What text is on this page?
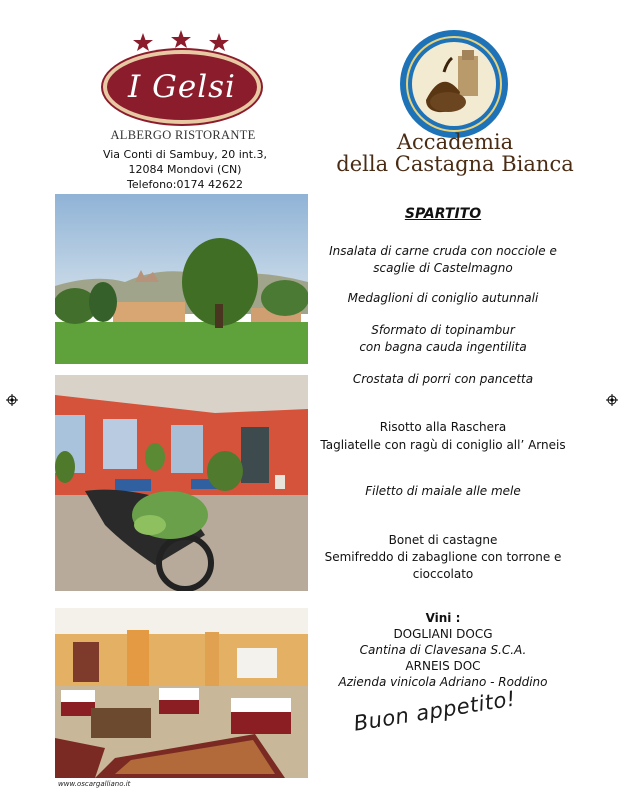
I Gelsi
ALBERGO RISTORANTE
Via Conti di Sambuy, 20 int.3,
12084 Mondovi (CN)
Telefono:0174 42622
Accademia
della Castagna Bianca
www.oscargalliano.it
SPARTITO
Insalata di carne cruda con nocciole e
scaglie di Castelmagno
Medaglioni di coniglio autunnali
Sformato di topinambur
con bagna cauda ingentilita
Crostata di porri con pancetta
Risotto alla Raschera
Tagliatelle con ragù di coniglio all’ Arneis
Filetto di maiale alle mele
Bonet di castagne
Semifreddo di zabaglione con torrone e
cioccolato
Vini :
DOGLIANI DOCG
Cantina di Clavesana S.C.A.
ARNEIS DOC
Azienda vinicola Adriano - Roddino
Buon appetito!
